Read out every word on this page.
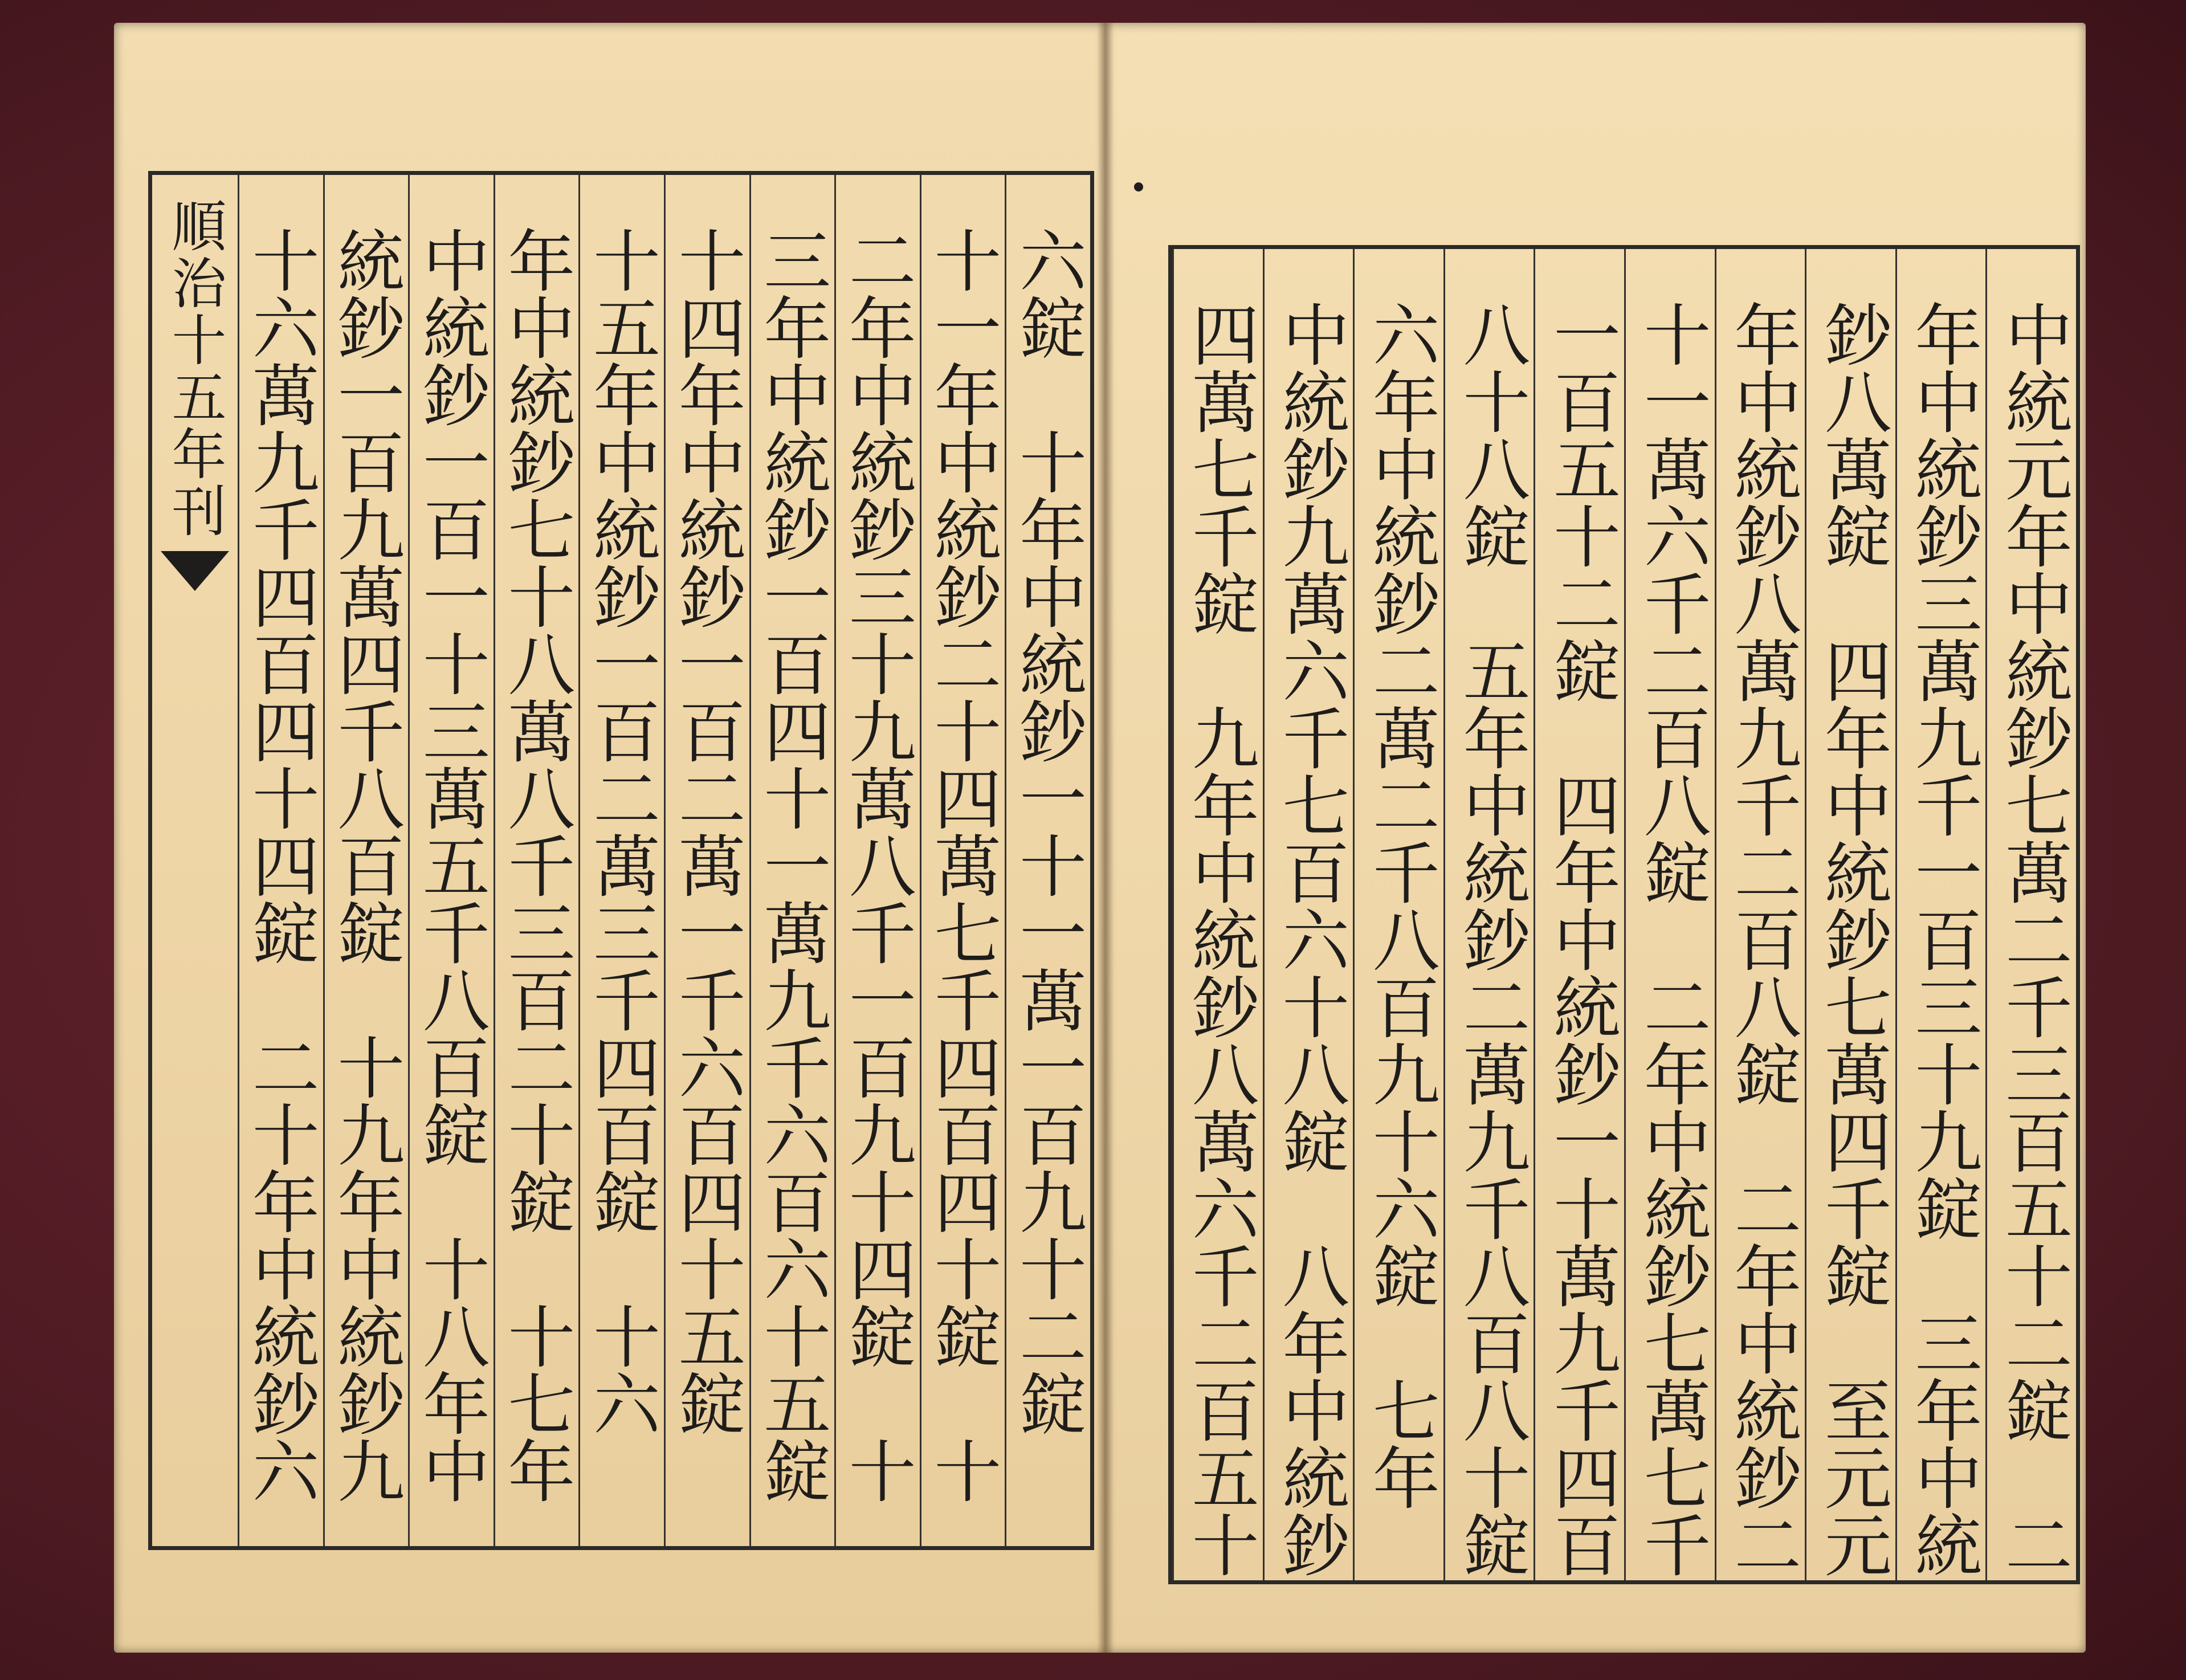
順治十五年刊	六錠　十年中統鈔一十一萬一百九十二錠
十一年中統鈔二十四萬七千四百四十錠　十
二年中統鈔三十九萬八千一百九十四錠　十
三年中統鈔一百四十一萬九千六百六十五錠
十四年中統鈔一百二萬一千六百四十五錠
十五年中統鈔一百二萬三千四百錠　十六
年中統鈔七十八萬八千三百二十錠　十七年
中統鈔一百一十三萬五千八百錠　十八年中
統鈔一百九萬四千八百錠　十九年中統鈔九
十六萬九千四百四十四錠　二十年中統鈔六	中統元年中統鈔七萬二千三百五十二錠　二
年中統鈔三萬九千一百三十九錠　三年中統
鈔八萬錠　四年中統鈔七萬四千錠　至元元
年中統鈔八萬九千二百八錠　二年中統鈔二
十一萬六千二百八錠　二年中統鈔七萬七千
一百五十二錠　四年中統鈔一十萬九千四百
八十八錠　五年中統鈔二萬九千八百八十錠
六年中統鈔二萬二千八百九十六錠　七年
中統鈔九萬六千七百六十八錠　八年中統鈔
四萬七千錠　九年中統鈔八萬六千二百五十
